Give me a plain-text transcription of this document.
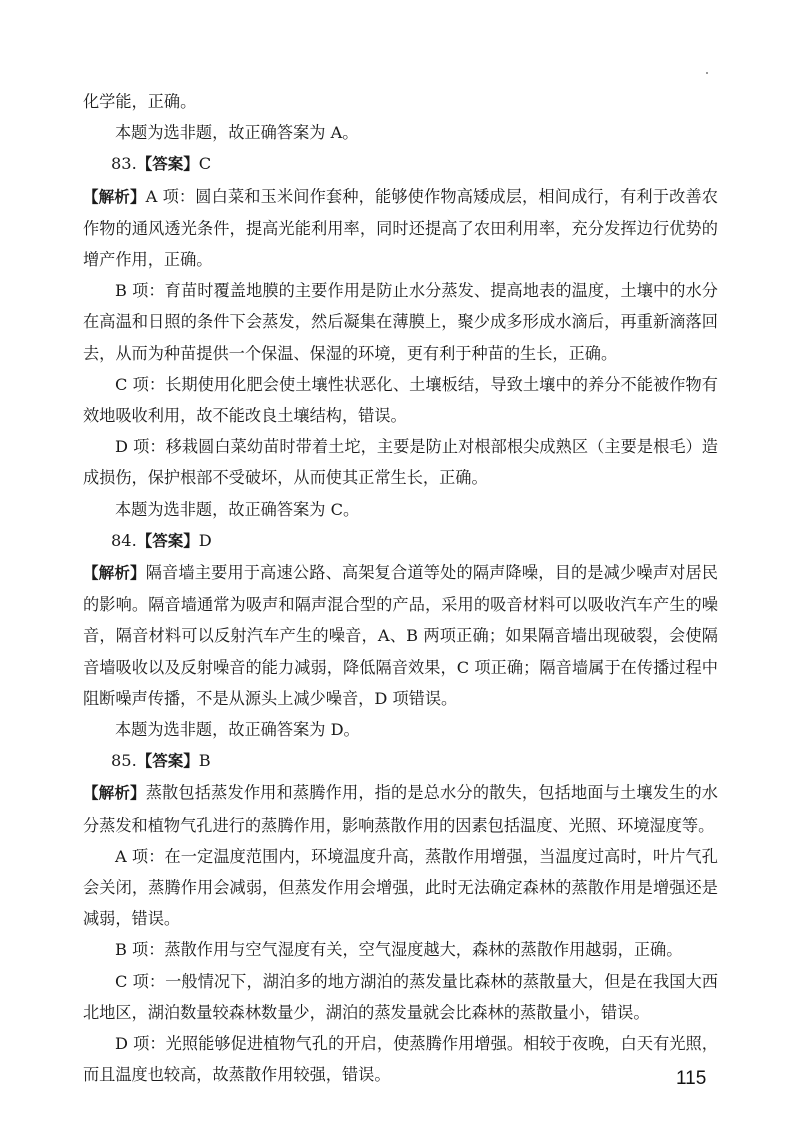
化学能，正确。

本题为选非题，故正确答案为 A。

83.【答案】C

【解析】A 项：圆白菜和玉米间作套种，能够使作物高矮成层，相间成行，有利于改善农作物的通风透光条件，提高光能利用率，同时还提高了农田利用率，充分发挥边行优势的增产作用，正确。

B 项：育苗时覆盖地膜的主要作用是防止水分蒸发、提高地表的温度，土壤中的水分在高温和日照的条件下会蒸发，然后凝集在薄膜上，聚少成多形成水滴后，再重新滴落回去，从而为种苗提供一个保温、保湿的环境，更有利于种苗的生长，正确。

C 项：长期使用化肥会使土壤性状恶化、土壤板结，导致土壤中的养分不能被作物有效地吸收利用，故不能改良土壤结构，错误。

D 项：移栽圆白菜幼苗时带着土坨，主要是防止对根部根尖成熟区（主要是根毛）造成损伤，保护根部不受破坏，从而使其正常生长，正确。

本题为选非题，故正确答案为 C。

84.【答案】D

【解析】隔音墙主要用于高速公路、高架复合道等处的隔声降噪，目的是减少噪声对居民的影响。隔音墙通常为吸声和隔声混合型的产品，采用的吸音材料可以吸收汽车产生的噪音，隔音材料可以反射汽车产生的噪音，A、B 两项正确；如果隔音墙出现破裂，会使隔音墙吸收以及反射噪音的能力减弱，降低隔音效果，C 项正确；隔音墙属于在传播过程中阻断噪声传播，不是从源头上减少噪音，D 项错误。

本题为选非题，故正确答案为 D。

85.【答案】B

【解析】蒸散包括蒸发作用和蒸腾作用，指的是总水分的散失，包括地面与土壤发生的水分蒸发和植物气孔进行的蒸腾作用，影响蒸散作用的因素包括温度、光照、环境湿度等。

A 项：在一定温度范围内，环境温度升高，蒸散作用增强，当温度过高时，叶片气孔会关闭，蒸腾作用会减弱，但蒸发作用会增强，此时无法确定森林的蒸散作用是增强还是减弱，错误。

B 项：蒸散作用与空气湿度有关，空气湿度越大，森林的蒸散作用越弱，正确。

C 项：一般情况下，湖泊多的地方湖泊的蒸发量比森林的蒸散量大，但是在我国大西北地区，湖泊数量较森林数量少，湖泊的蒸发量就会比森林的蒸散量小，错误。

D 项：光照能够促进植物气孔的开启，使蒸腾作用增强。相较于夜晚，白天有光照，而且温度也较高，故蒸散作用较强，错误。	115
